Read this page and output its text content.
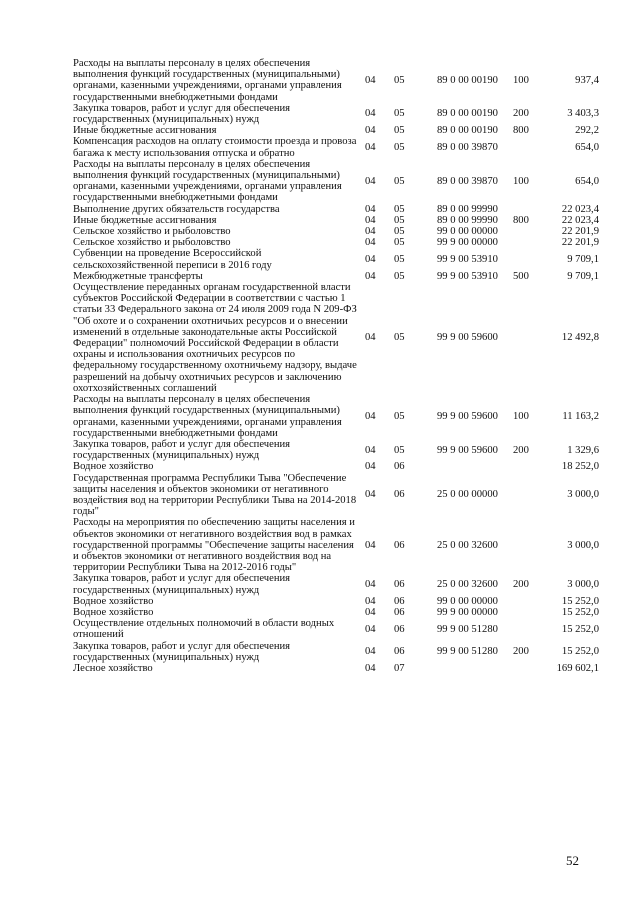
Расходы на выплаты персоналу в целях обеспечения выполнения функций государственных (муниципальными) органами, казенными учреждениями, органами управления государственными внебюджетными фондами	04	05	89 0 00 00190	100	937,4
Закупка товаров, работ и услуг для обеспечения государственных (муниципальных) нужд	04	05	89 0 00 00190	200	3 403,3
Иные бюджетные ассигнования	04	05	89 0 00 00190	800	292,2
Компенсация расходов на оплату стоимости проезда и провоза багажа к месту использования отпуска и обратно	04	05	89 0 00 39870		654,0
Расходы на выплаты персоналу в целях обеспечения выполнения функций государственных (муниципальными) органами, казенными учреждениями, органами управления государственными внебюджетными фондами	04	05	89 0 00 39870	100	654,0
Выполнение других обязательств государства	04	05	89 0 00 99990		22 023,4
Иные бюджетные ассигнования	04	05	89 0 00 99990	800	22 023,4
Сельское хозяйство и рыболовство	04	05	99 0 00 00000		22 201,9
Сельское хозяйство и рыболовство	04	05	99 9 00 00000		22 201,9
Субвенции на проведение Всероссийской сельскохозяйственной переписи в 2016 году	04	05	99 9 00 53910		9 709,1
Межбюджетные трансферты	04	05	99 9 00 53910	500	9 709,1
Осуществление переданных органам государственной власти субъектов Российской Федерации в соответствии с частью 1 статьи 33 Федерального закона от 24 июля 2009 года N 209-ФЗ "Об охоте и о сохранении охотничьих ресурсов и о внесении изменений в отдельные законодательные акты Российской Федерации" полномочий Российской Федерации в области охраны и использования охотничьих ресурсов по федеральному государственному охотничьему надзору, выдаче разрешений на добычу охотничьих ресурсов и заключению охотхозяйственных соглашений	04	05	99 9 00 59600		12 492,8
Расходы на выплаты персоналу в целях обеспечения выполнения функций государственных (муниципальными) органами, казенными учреждениями, органами управления государственными внебюджетными фондами	04	05	99 9 00 59600	100	11 163,2
Закупка товаров, работ и услуг для обеспечения государственных (муниципальных) нужд	04	05	99 9 00 59600	200	1 329,6
Водное хозяйство	04	06			18 252,0
Государственная программа Республики Тыва "Обеспечение защиты населения и объектов экономики от негативного воздействия вод на территории Республики Тыва на 2014-2018 годы"	04	06	25 0 00 00000		3 000,0
Расходы на мероприятия по обеспечению защиты населения и объектов экономики от негативного воздействия вод в рамках государственной программы "Обеспечение защиты населения и объектов экономики от негативного воздействия вод на территории Республики Тыва на 2012-2016 годы"	04	06	25 0 00 32600		3 000,0
Закупка товаров, работ и услуг для обеспечения государственных (муниципальных) нужд	04	06	25 0 00 32600	200	3 000,0
Водное хозяйство	04	06	99 0 00 00000		15 252,0
Водное хозяйство	04	06	99 9 00 00000		15 252,0
Осуществление отдельных полномочий в области водных отношений	04	06	99 9 00 51280		15 252,0
Закупка товаров, работ и услуг для обеспечения государственных (муниципальных) нужд	04	06	99 9 00 51280	200	15 252,0
Лесное хозяйство	04	07			169 602,1
52
